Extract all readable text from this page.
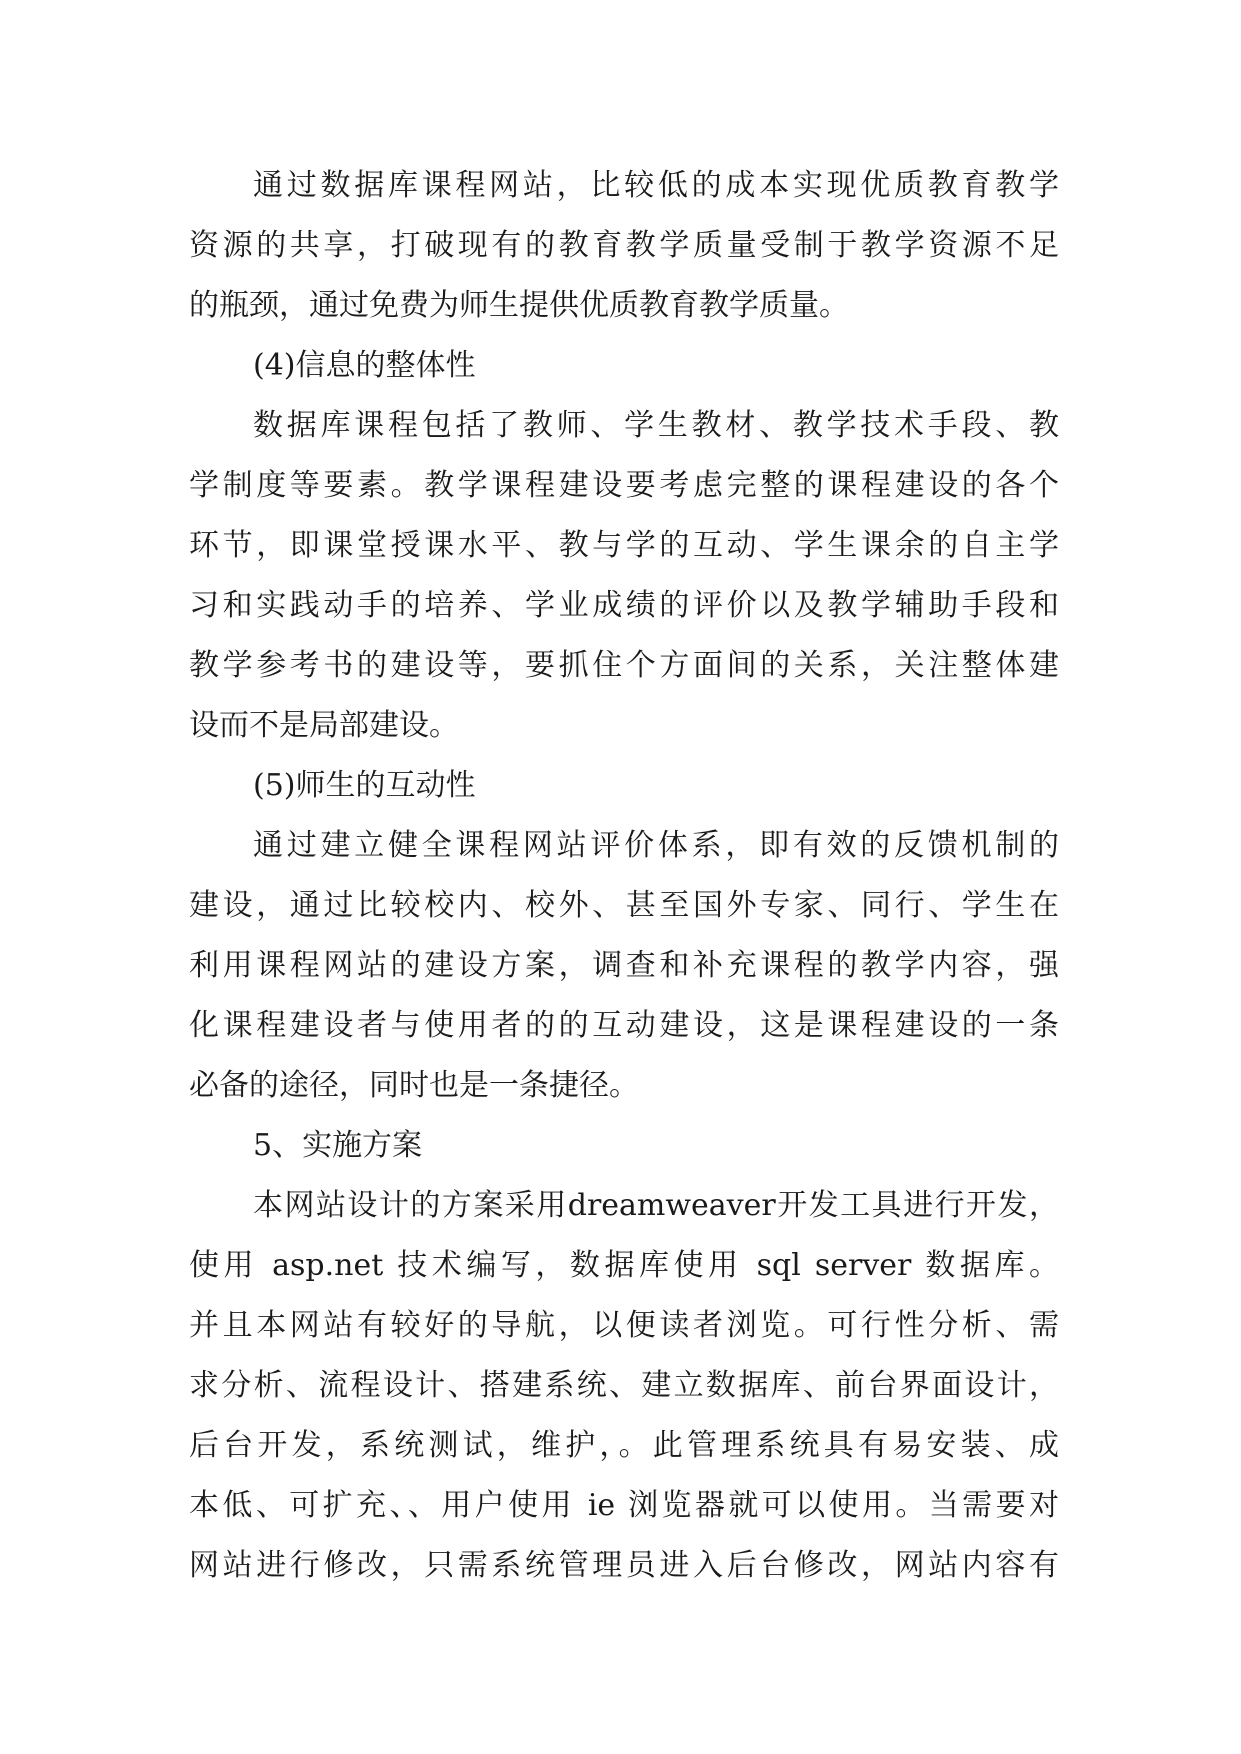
通过数据库课程网站，比较低的成本实现优质教育教学
资源的共享，打破现有的教育教学质量受制于教学资源不足
的瓶颈，通过免费为师生提供优质教育教学质量。
(4)信息的整体性
数据库课程包括了教师、学生教材、教学技术手段、教
学制度等要素。教学课程建设要考虑完整的课程建设的各个
环节，即课堂授课水平、教与学的互动、学生课余的自主学
习和实践动手的培养、学业成绩的评价以及教学辅助手段和
教学参考书的建设等，要抓住个方面间的关系，关注整体建
设而不是局部建设。
(5)师生的互动性
通过建立健全课程网站评价体系，即有效的反馈机制的
建设，通过比较校内、校外、甚至国外专家、同行、学生在
利用课程网站的建设方案，调查和补充课程的教学内容，强
化课程建设者与使用者的的互动建设，这是课程建设的一条
必备的途径，同时也是一条捷径。
5、实施方案
本网站设计的方案采用dreamweaver开发工具进行开发，
使用 asp.net 技术编写，数据库使用 sql server 数据库。
并且本网站有较好的导航，以便读者浏览。可行性分析、需
求分析、流程设计、搭建系统、建立数据库、前台界面设计，
后台开发，系统测试，维护，。此管理系统具有易安装、成
本低、可扩充、、用户使用 ie 浏览器就可以使用。当需要对
网站进行修改，只需系统管理员进入后台修改，网站内容有
